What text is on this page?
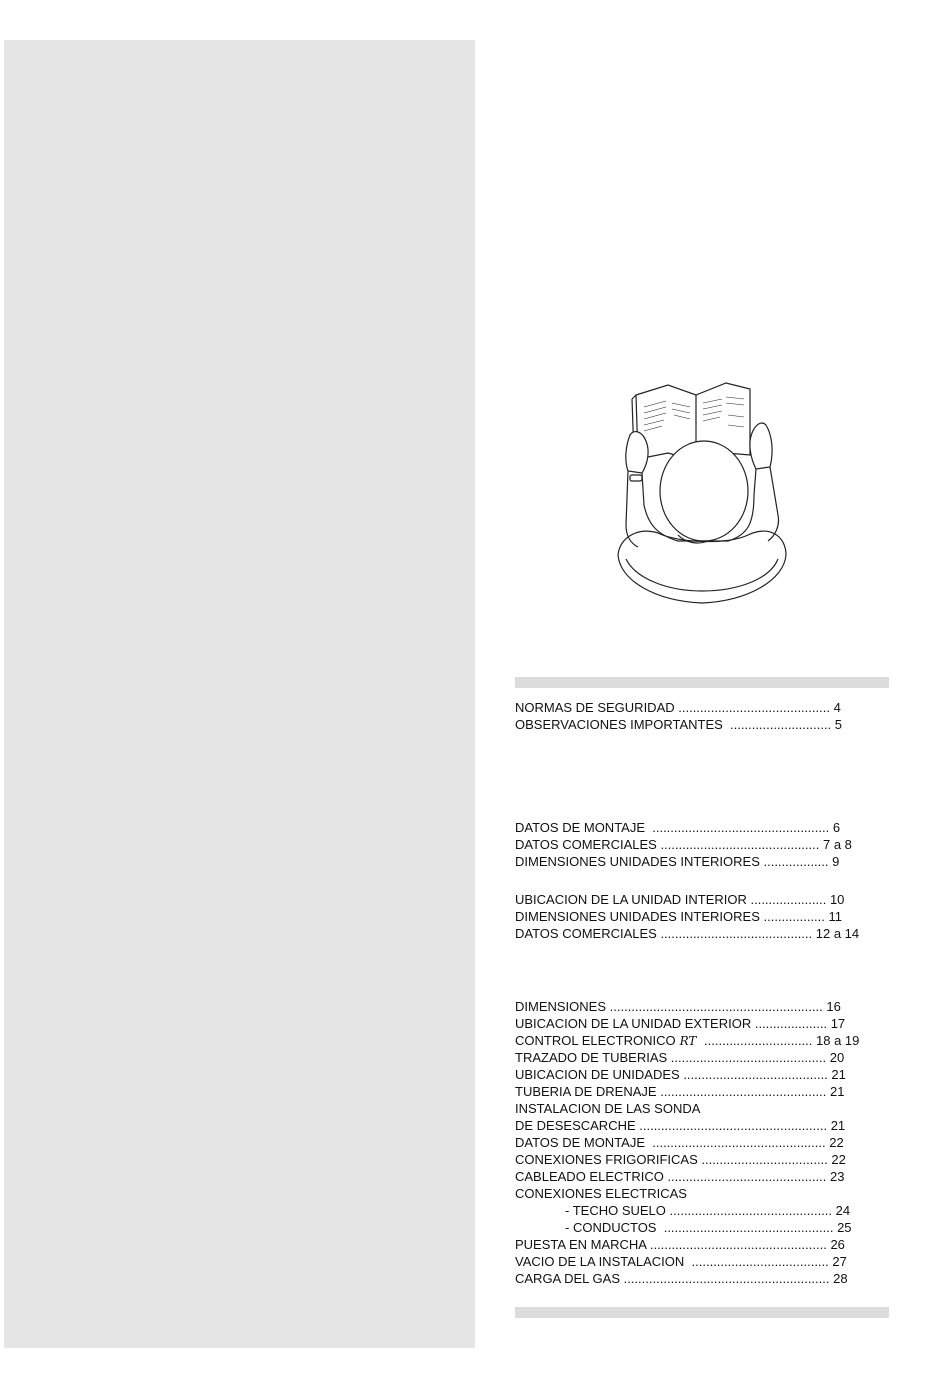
NORMAS DE SEGURIDAD .......................................... 4
OBSERVACIONES IMPORTANTES  ............................ 5
DATOS DE MONTAJE  ................................................. 6
DATOS COMERCIALES ............................................ 7 a 8
DIMENSIONES UNIDADES INTERIORES .................. 9
UBICACION DE LA UNIDAD INTERIOR ..................... 10
DIMENSIONES UNIDADES INTERIORES ................. 11
DATOS COMERCIALES .......................................... 12 a 14
DIMENSIONES ........................................................... 16
UBICACION DE LA UNIDAD EXTERIOR .................... 17
CONTROL ELECTRONICO RT .............................. 18 a 19
TRAZADO DE TUBERIAS ........................................... 20
UBICACION DE UNIDADES ........................................ 21
TUBERIA DE DRENAJE .............................................. 21
INSTALACION DE LAS SONDA
DE DESESCARCHE .................................................... 21
DATOS DE MONTAJE  ................................................ 22
CONEXIONES FRIGORIFICAS ................................... 22
CABLEADO ELECTRICO ............................................ 23
CONEXIONES ELECTRICAS
- TECHO SUELO ............................................. 24
- CONDUCTOS  ............................................... 25
PUESTA EN MARCHA ................................................. 26
VACIO DE LA INSTALACION  ...................................... 27
CARGA DEL GAS ......................................................... 28
